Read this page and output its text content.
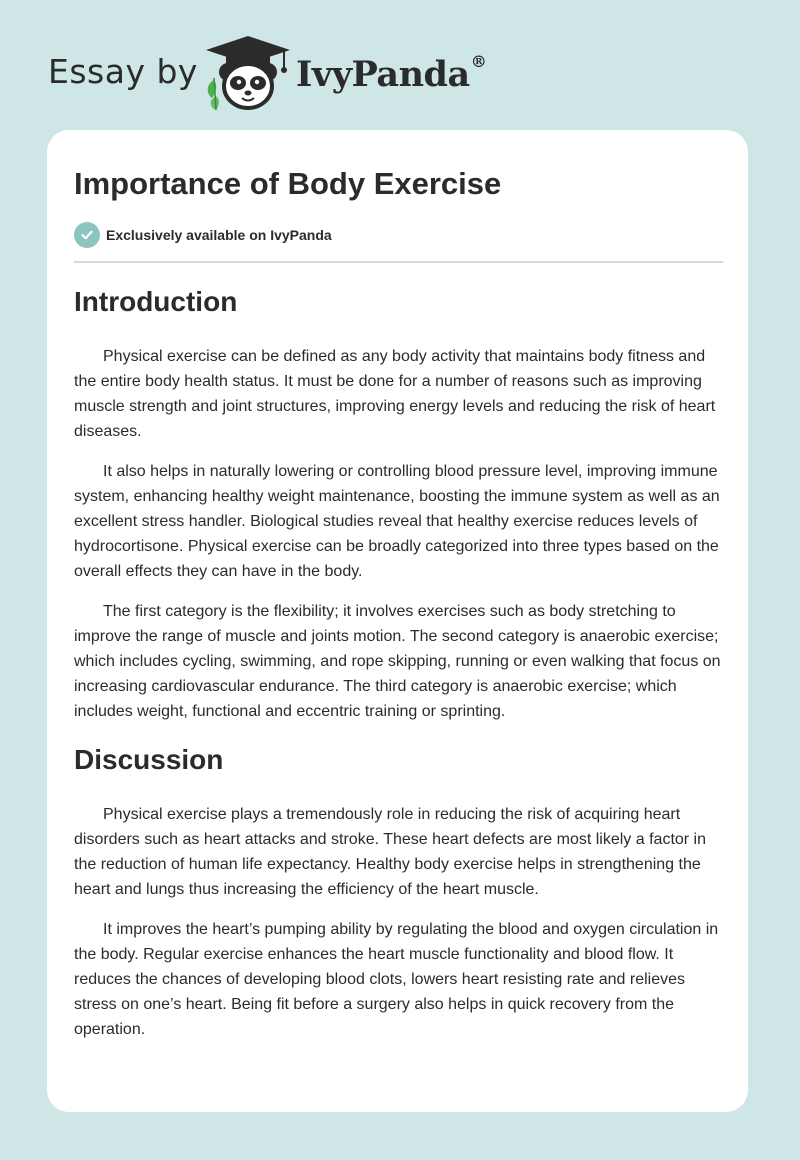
Essay by	IvyPanda®
Importance of Body Exercise
Exclusively available on IvyPanda
Introduction

Physical exercise can be defined as any body activity that maintains body fitness and the entire body health status. It must be done for a number of reasons such as improving muscle strength and joint structures, improving energy levels and reducing the risk of heart diseases.

It also helps in naturally lowering or controlling blood pressure level, improving immune system, enhancing healthy weight maintenance, boosting the immune system as well as an excellent stress handler. Biological studies reveal that healthy exercise reduces levels of hydrocortisone. Physical exercise can be broadly categorized into three types based on the overall effects they can have in the body.

The first category is the flexibility; it involves exercises such as body stretching to improve the range of muscle and joints motion. The second category is anaerobic exercise; which includes cycling, swimming, and rope skipping, running or even walking that focus on increasing cardiovascular endurance. The third category is anaerobic exercise; which includes weight, functional and eccentric training or sprinting.

Discussion

Physical exercise plays a tremendously role in reducing the risk of acquiring heart disorders such as heart attacks and stroke. These heart defects are most likely a factor in the reduction of human life expectancy. Healthy body exercise helps in strengthening the heart and lungs thus increasing the efficiency of the heart muscle.

It improves the heart’s pumping ability by regulating the blood and oxygen circulation in the body. Regular exercise enhances the heart muscle functionality and blood flow. It reduces the chances of developing blood clots, lowers heart resisting rate and relieves stress on one’s heart. Being fit before a surgery also helps in quick recovery from the operation.
